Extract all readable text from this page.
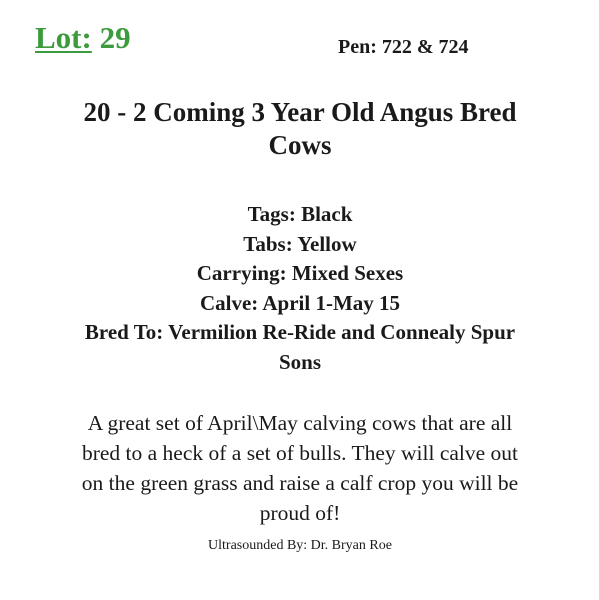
Lot: 29	Pen: 722 & 724
20 - 2 Coming 3 Year Old Angus Bred
Cows
Tags: Black
Tabs: Yellow
Carrying: Mixed Sexes
Calve: April 1-May 15
Bred To: Vermilion Re-Ride and Connealy Spur
Sons
A great set of April\May calving cows that are all
bred to a heck of a set of bulls. They will calve out
on the green grass and raise a calf crop you will be
proud of!
Ultrasounded By: Dr. Bryan Roe
